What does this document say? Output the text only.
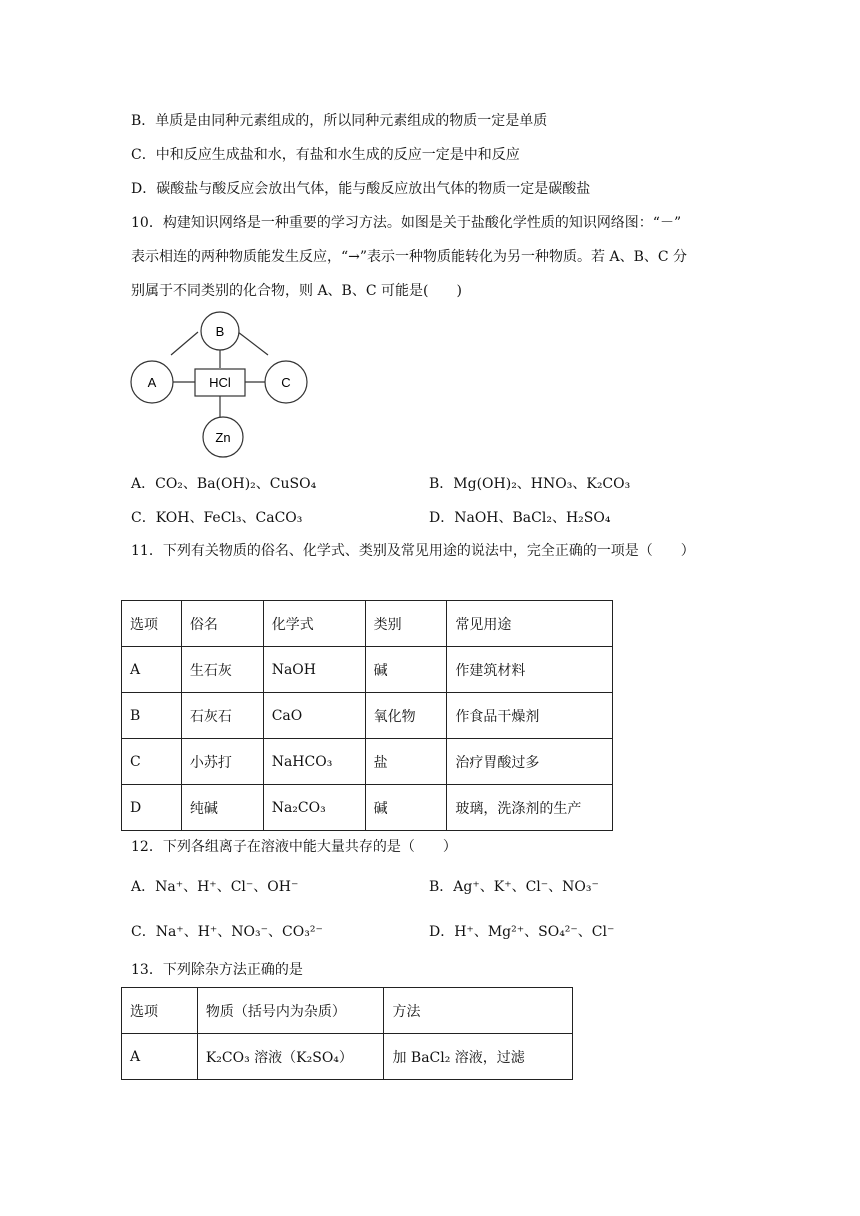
B．单质是由同种元素组成的，所以同种元素组成的物质一定是单质
C．中和反应生成盐和水，有盐和水生成的反应一定是中和反应
D．碳酸盐与酸反应会放出气体，能与酸反应放出气体的物质一定是碳酸盐
10．构建知识网络是一种重要的学习方法。如图是关于盐酸化学性质的知识网络图：“－”
表示相连的两种物质能发生反应，“→”表示一种物质能转化为另一种物质。若 A、B、C 分
别属于不同类别的化合物，则 A、B、C 可能是(　　)
B
A	C
HCl
Zn
A．CO₂、Ba(OH)₂、CuSO₄	B．Mg(OH)₂、HNO₃、K₂CO₃
C．KOH、FeCl₃、CaCO₃	D．NaOH、BaCl₂、H₂SO₄
11．下列有关物质的俗名、化学式、类别及常见用途的说法中，完全正确的一项是（　　）
选项	俗名	化学式	类别	常见用途
A	生石灰	NaOH	碱	作建筑材料
B	石灰石	CaO	氧化物	作食品干燥剂
C	小苏打	NaHCO₃	盐	治疗胃酸过多
D	纯碱	Na₂CO₃	碱	玻璃，洗涤剂的生产
12．下列各组离子在溶液中能大量共存的是（　　）
A．Na⁺、H⁺、Cl⁻、OH⁻	B．Ag⁺、K⁺、Cl⁻、NO₃⁻
C．Na⁺、H⁺、NO₃⁻、CO₃²⁻	D．H⁺、Mg²⁺、SO₄²⁻、Cl⁻
13．下列除杂方法正确的是
选项	物质（括号内为杂质）	方法
A	K₂CO₃ 溶液（K₂SO₄）	加 BaCl₂ 溶液，过滤
